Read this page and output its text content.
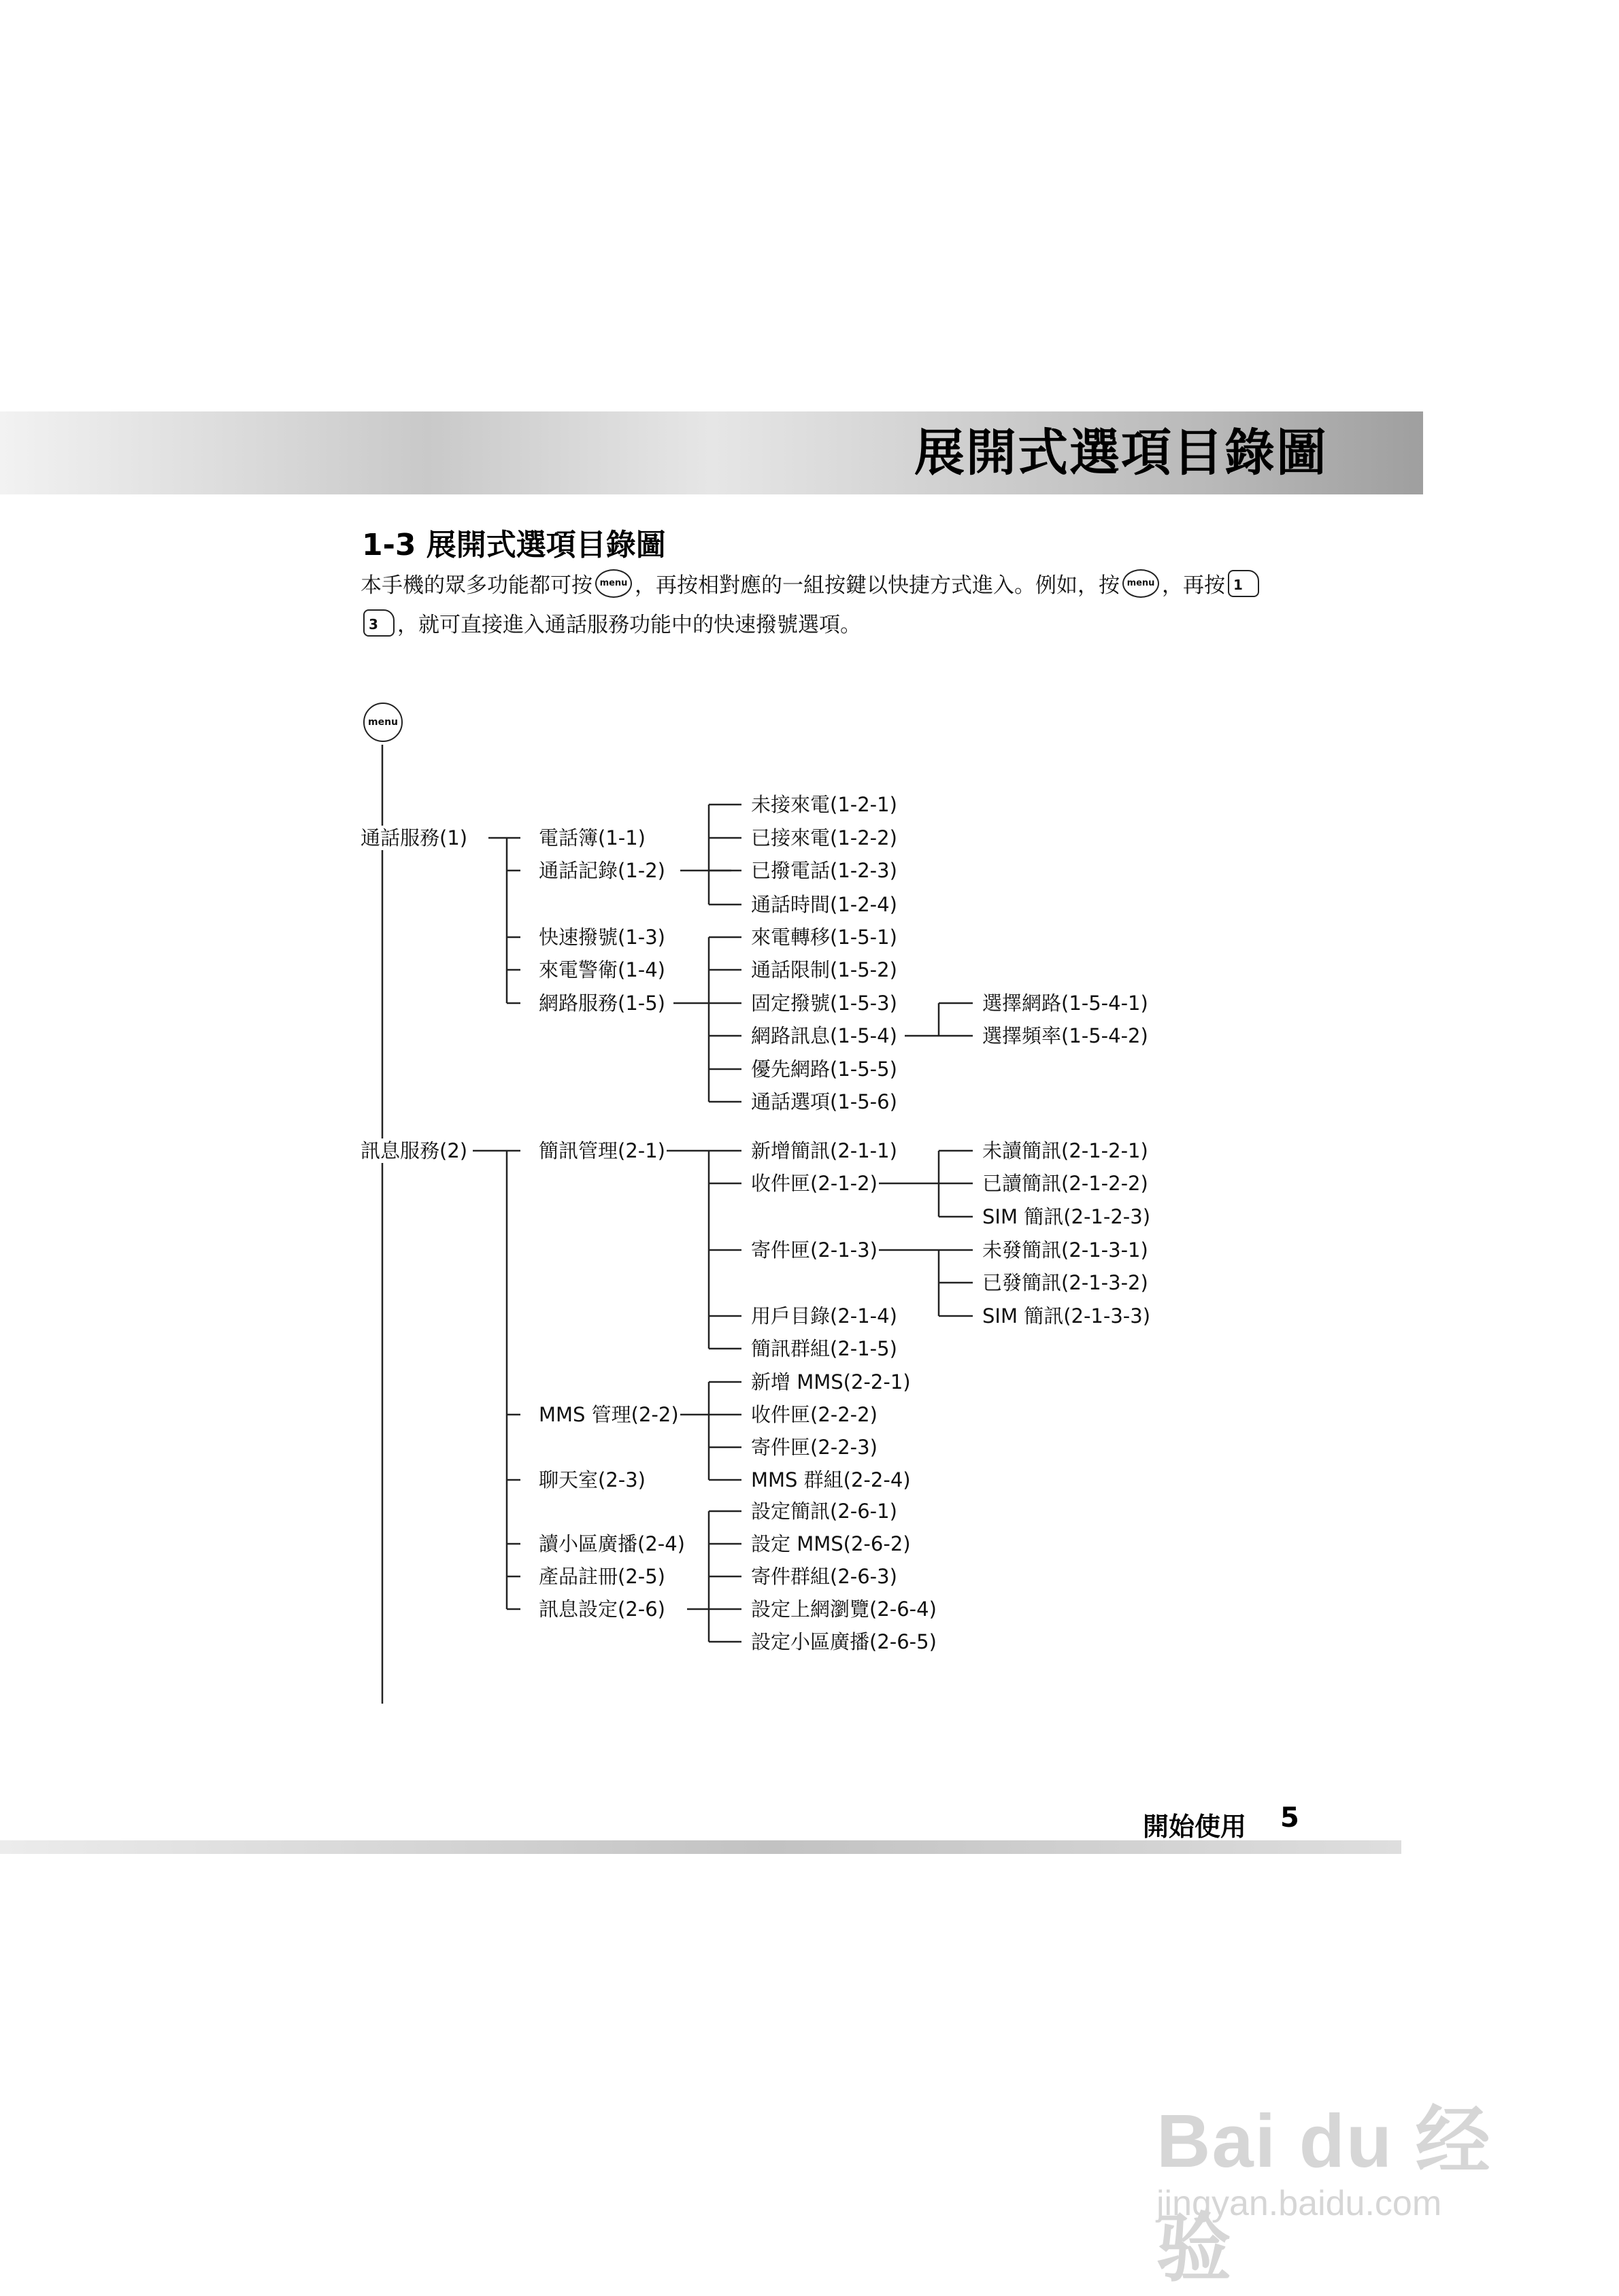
展開式選項目錄圖
1-3 展開式選項目錄圖
本手機的眾多功能都可按 menu ，再按相對應的一組按鍵以快捷方式進入。例如，按 menu ，再按 1
3 ，就可直接進入通話服務功能中的快速撥號選項。
menu
通話服務(1)	電話簿(1-1)
通話記錄(1-2)
未接來電(1-2-1)
已接來電(1-2-2)
已撥電話(1-2-3)
通話時間(1-2-4)
快速撥號(1-3)
來電警衛(1-4)
網路服務(1-5)
來電轉移(1-5-1)
通話限制(1-5-2)
固定撥號(1-5-3)
網路訊息(1-5-4)
優先網路(1-5-5)
通話選項(1-5-6)
選擇網路(1-5-4-1)
選擇頻率(1-5-4-2)
訊息服務(2)	簡訊管理(2-1)	新增簡訊(2-1-1)
收件匣(2-1-2)
寄件匣(2-1-3)
用戶目錄(2-1-4)
簡訊群組(2-1-5)
未讀簡訊(2-1-2-1)
已讀簡訊(2-1-2-2)
SIM 簡訊(2-1-2-3)
未發簡訊(2-1-3-1)
已發簡訊(2-1-3-2)
SIM 簡訊(2-1-3-3)
MMS 管理(2-2)
新增 MMS(2-2-1)
收件匣(2-2-2)
寄件匣(2-2-3)
MMS 群組(2-2-4)
聊天室(2-3)
讀小區廣播(2-4)
產品註冊(2-5)
訊息設定(2-6)
設定簡訊(2-6-1)
設定 MMS(2-6-2)
寄件群組(2-6-3)
設定上網瀏覽(2-6-4)
設定小區廣播(2-6-5)
開始使用 5
Bai du 经验
jingyan.baidu.com
